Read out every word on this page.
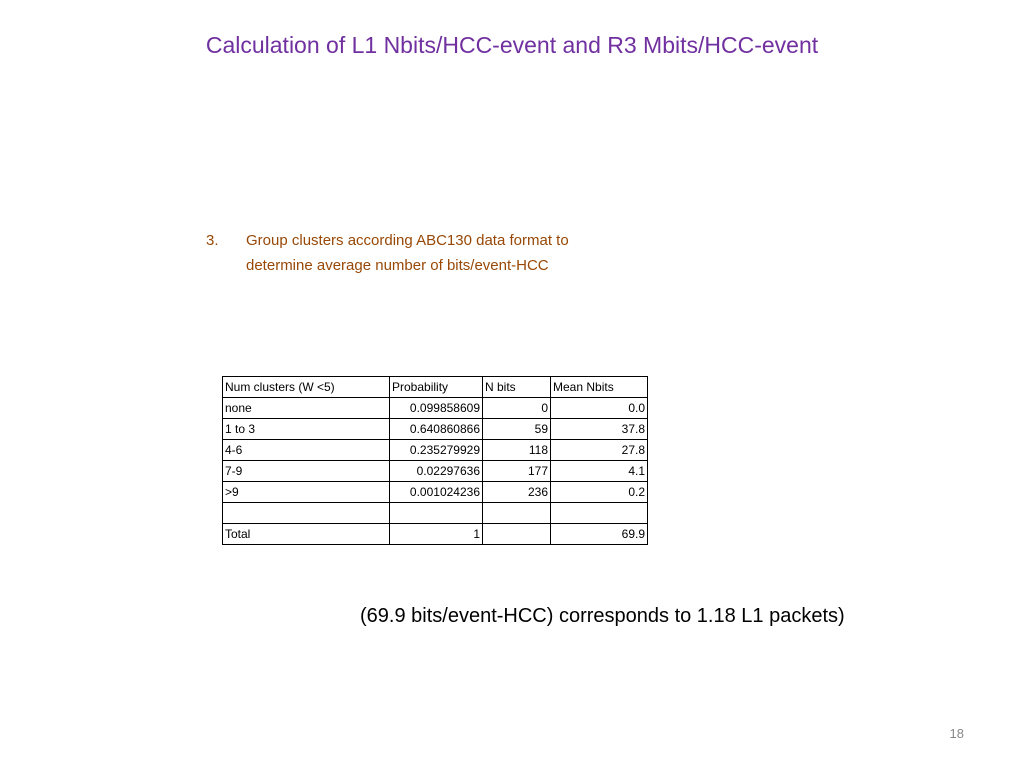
Calculation of L1 Nbits/HCC-event and R3 Mbits/HCC-event
3. Group clusters according ABC130 data format to
determine average number of bits/event-HCC
Num clusters (W <5)	Probability	N bits	Mean Nbits
none	0.099858609	0	0.0
1 to 3	0.640860866	59	37.8
4-6	0.235279929	118	27.8
7-9	0.02297636	177	4.1
>9	0.001024236	236	0.2

Total	1		69.9
(69.9 bits/event-HCC) corresponds to 1.18 L1 packets)
18
